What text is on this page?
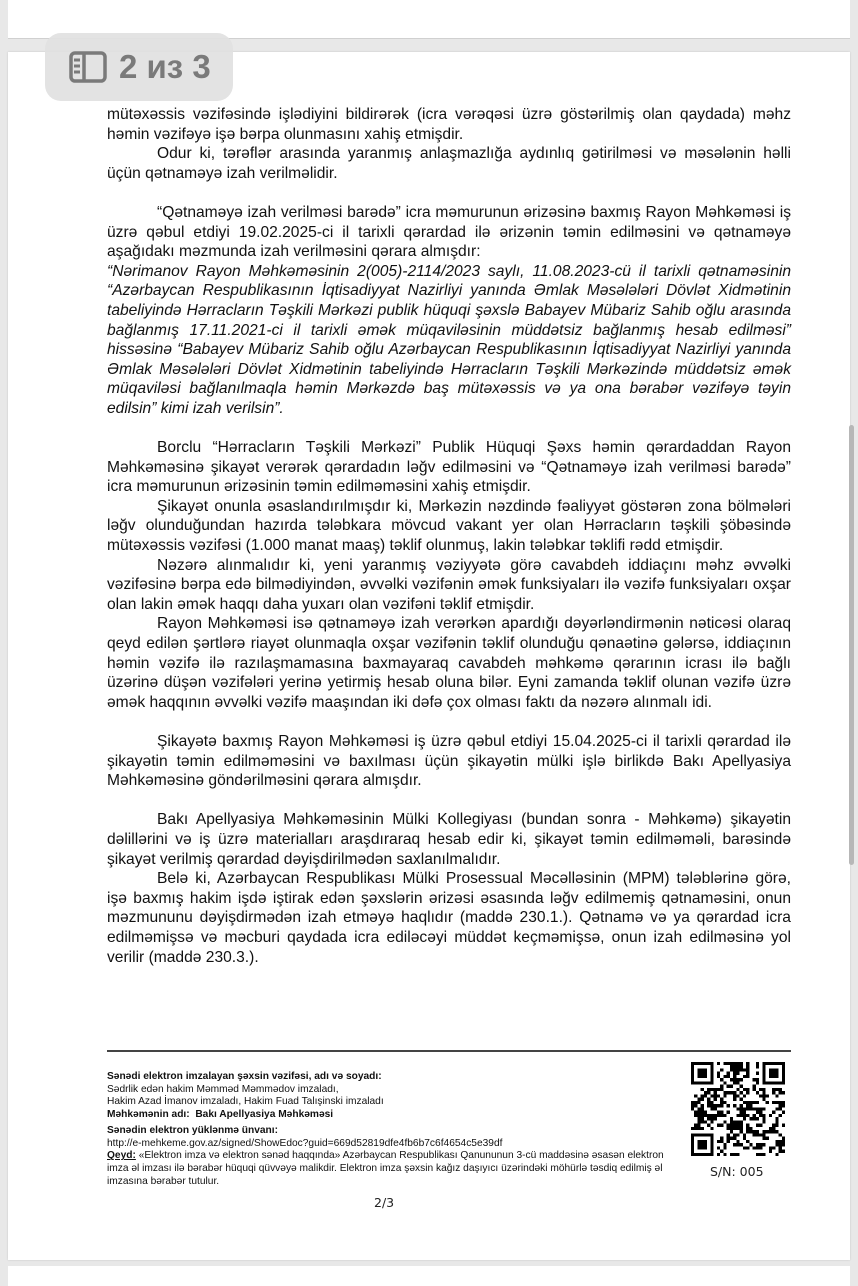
2 из 3

mütəxəssis vəzifəsində işlədiyini bildirərək (icra vərəqəsi üzrə göstərilmiş olan qaydada) məhz həmin vəzifəyə işə bərpa olunmasını xahiş etmişdir.

Odur ki, tərəflər arasında yaranmış anlaşmazlığa aydınlıq gətirilməsi və məsələnin həlli üçün qətnaməyə izah verilməlidir.

“Qətnaməyə izah verilməsi barədə” icra məmurunun ərizəsinə baxmış Rayon Məhkəməsi iş üzrə qəbul etdiyi 19.02.2025-ci il tarixli qərardad ilə ərizənin təmin edilməsini və qətnaməyə aşağıdakı məzmunda izah verilməsini qərara almışdır:

“Nərimanov Rayon Məhkəməsinin 2(005)-2114/2023 saylı, 11.08.2023-cü il tarixli qətnaməsinin “Azərbaycan Respublikasının İqtisadiyyat Nazirliyi yanında Əmlak Məsələləri Dövlət Xidmətinin tabeliyində Hərracların Təşkili Mərkəzi publik hüquqi şəxslə Babayev Mübariz Sahib oğlu arasında bağlanmış 17.11.2021-ci il tarixli əmək müqaviləsinin müddətsiz bağlanmış hesab edilməsi” hissəsinə “Babayev Mübariz Sahib oğlu Azərbaycan Respublikasının İqtisadiyyat Nazirliyi yanında Əmlak Məsələləri Dövlət Xidmətinin tabeliyində Hərracların Təşkili Mərkəzində müddətsiz əmək müqaviləsi bağlanılmaqla həmin Mərkəzdə baş mütəxəssis və ya ona bərabər vəzifəyə təyin edilsin” kimi izah verilsin”.

Borclu “Hərracların Təşkili Mərkəzi” Publik Hüquqi Şəxs həmin qərardaddan Rayon Məhkəməsinə şikayət verərək qərardadın ləğv edilməsini və “Qətnaməyə izah verilməsi barədə” icra məmurunun ərizəsinin təmin edilməməsini xahiş etmişdir.

Şikayət onunla əsaslandırılmışdır ki, Mərkəzin nəzdində fəaliyyət göstərən zona bölmələri ləğv olunduğundan hazırda tələbkara mövcud vakant yer olan Hərracların təşkili şöbəsində mütəxəssis vəzifəsi (1.000 manat maaş) təklif olunmuş, lakin tələbkar təklifi rədd etmişdir.

Nəzərə alınmalıdır ki, yeni yaranmış vəziyyətə görə cavabdeh iddiaçını məhz əvvəlki vəzifəsinə bərpa edə bilmədiyindən, əvvəlki vəzifənin əmək funksiyaları ilə vəzifə funksiyaları oxşar olan lakin əmək haqqı daha yuxarı olan vəzifəni təklif etmişdir.

Rayon Məhkəməsi isə qətnaməyə izah verərkən apardığı dəyərləndirmənin nəticəsi olaraq qeyd edilən şərtlərə riayət olunmaqla oxşar vəzifənin təklif olunduğu qənaətinə gələrsə, iddiaçının həmin vəzifə ilə razılaşmamasına baxmayaraq cavabdeh məhkəmə qərarının icrası ilə bağlı üzərinə düşən vəzifələri yerinə yetirmiş hesab oluna bilər. Eyni zamanda təklif olunan vəzifə üzrə əmək haqqının əvvəlki vəzifə maaşından iki dəfə çox olması faktı da nəzərə alınmalı idi.

Şikayətə baxmış Rayon Məhkəməsi iş üzrə qəbul etdiyi 15.04.2025-ci il tarixli qərardad ilə şikayətin təmin edilməməsini və baxılması üçün şikayətin mülki işlə birlikdə Bakı Apellyasiya Məhkəməsinə göndərilməsini qərara almışdır.

Bakı Apellyasiya Məhkəməsinin Mülki Kollegiyası (bundan sonra - Məhkəmə) şikayətin dəlillərini və iş üzrə materialları araşdıraraq hesab edir ki, şikayət təmin edilməməli, barəsində şikayət verilmiş qərardad dəyişdirilmədən saxlanılmalıdır.

Belə ki, Azərbaycan Respublikası Mülki Prosessual Məcəlləsinin (MPM) tələblərinə görə, işə baxmış hakim işdə iştirak edən şəxslərin ərizəsi əsasında ləğv edilmemiş qətnaməsini, onun məzmununu dəyişdirmədən izah etməyə haqlıdır (maddə 230.1.). Qətnamə və ya qərardad icra edilməmişsə və məcburi qaydada icra ediləcəyi müddət keçməmişsə, onun izah edilməsinə yol verilir (maddə 230.3.).

Sənədi elektron imzalayan şəxsin vəzifəsi, adı və soyadı:
Sədrlik edən hakim Məmməd Məmmədov imzaladı,
Hakim Azad İmanov imzaladı, Hakim Fuad Talışinski imzaladı
Məhkəmənin adı: Bakı Apellyasiya Məhkəməsi
Sənədin elektron yüklənmə ünvanı:
http://e-mehkeme.gov.az/signed/ShowEdoc?guid=669d52819dfe4fb6b7c6f4654c5e39df
Qeyd: «Elektron imza və elektron sənəd haqqında» Azərbaycan Respublikası Qanununun 3-cü maddəsinə əsasən elektron imza əl imzası ilə bərabər hüquqi qüvvəyə malikdir. Elektron imza şəxsin kağız daşıyıcı üzərindəki möhürlə təsdiq edilmiş əl imzasına bərabər tutulur.
S/N: 005
2/3
